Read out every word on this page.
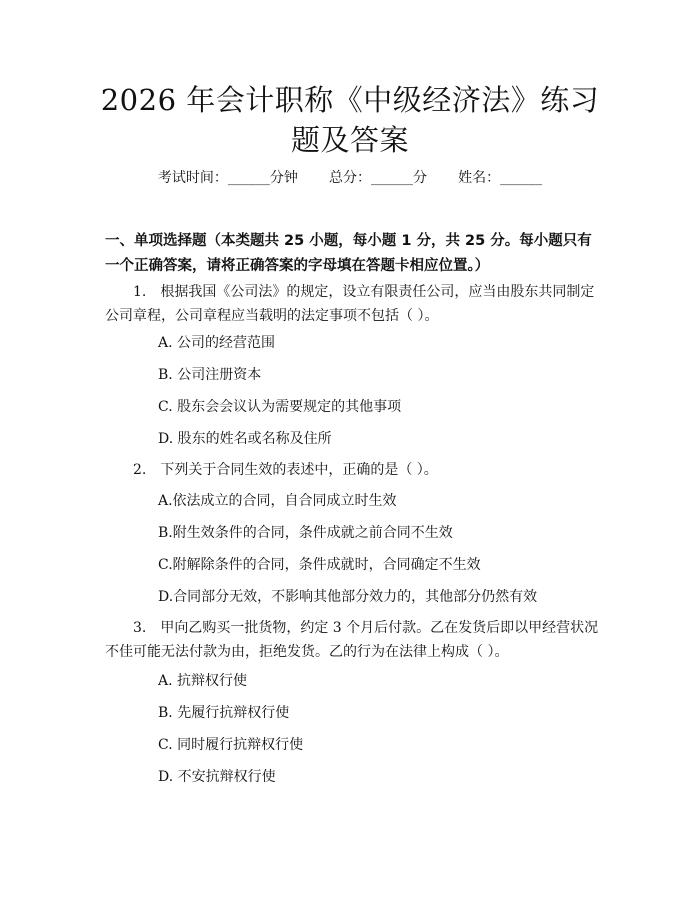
2026 年会计职称《中级经济法》练习题及答案
考试时间：______分钟 总分：______分 姓名：______
一、单项选择题（本类题共 25 小题，每小题 1 分，共 25 分。每小题只有一个正确答案，请将正确答案的字母填在答题卡相应位置。）
1. 根据我国《公司法》的规定，设立有限责任公司，应当由股东共同制定公司章程，公司章程应当载明的法定事项不包括（ ）。
A. 公司的经营范围
B. 公司注册资本
C. 股东会会议认为需要规定的其他事项
D. 股东的姓名或名称及住所
2. 下列关于合同生效的表述中，正确的是（ ）。
A.依法成立的合同，自合同成立时生效
B.附生效条件的合同，条件成就之前合同不生效
C.附解除条件的合同，条件成就时，合同确定不生效
D.合同部分无效，不影响其他部分效力的，其他部分仍然有效
3. 甲向乙购买一批货物，约定 3 个月后付款。乙在发货后即以甲经营状况不佳可能无法付款为由，拒绝发货。乙的行为在法律上构成（ ）。
A. 抗辩权行使
B. 先履行抗辩权行使
C. 同时履行抗辩权行使
D. 不安抗辩权行使
